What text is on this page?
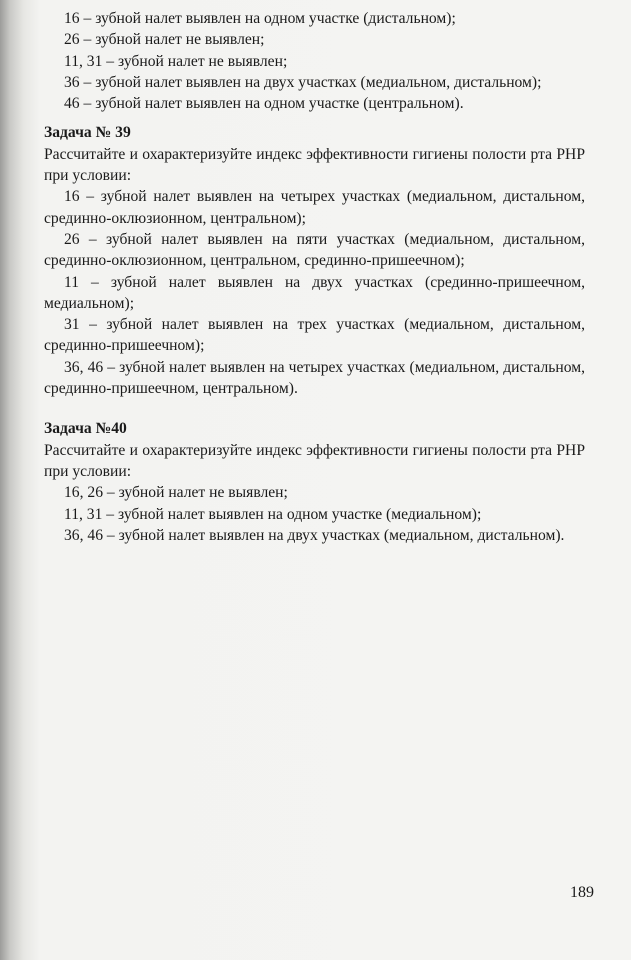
16 – зубной налет выявлен на одном участке (дистальном);

26 – зубной налет не выявлен;

11, 31 – зубной налет не выявлен;

36 – зубной налет выявлен на двух участках (медиальном, дистальном);

46 – зубной налет выявлен на одном участке (центральном).

Задача № 39

Рассчитайте и охарактеризуйте индекс эффективности гигиены полости рта PHP при условии:

16 – зубной налет выявлен на четырех участках (медиальном, дистальном, срединно-оклюзионном, центральном);

26 – зубной налет выявлен на пяти участках (медиальном, дистальном, срединно-оклюзионном, центральном, срединно-пришеечном);

11 – зубной налет выявлен на двух участках (срединно-пришеечном, медиальном);

31 – зубной налет выявлен на трех участках (медиальном, дистальном, срединно-пришеечном);

36, 46 – зубной налет выявлен на четырех участках (медиальном, дистальном, срединно-пришеечном, центральном).

Задача №40

Рассчитайте и охарактеризуйте индекс эффективности гигиены полости рта PHP при условии:

16, 26 – зубной налет не выявлен;

11, 31 – зубной налет выявлен на одном участке (медиальном);

36, 46 – зубной налет выявлен на двух участках (медиальном, дистальном).

189
